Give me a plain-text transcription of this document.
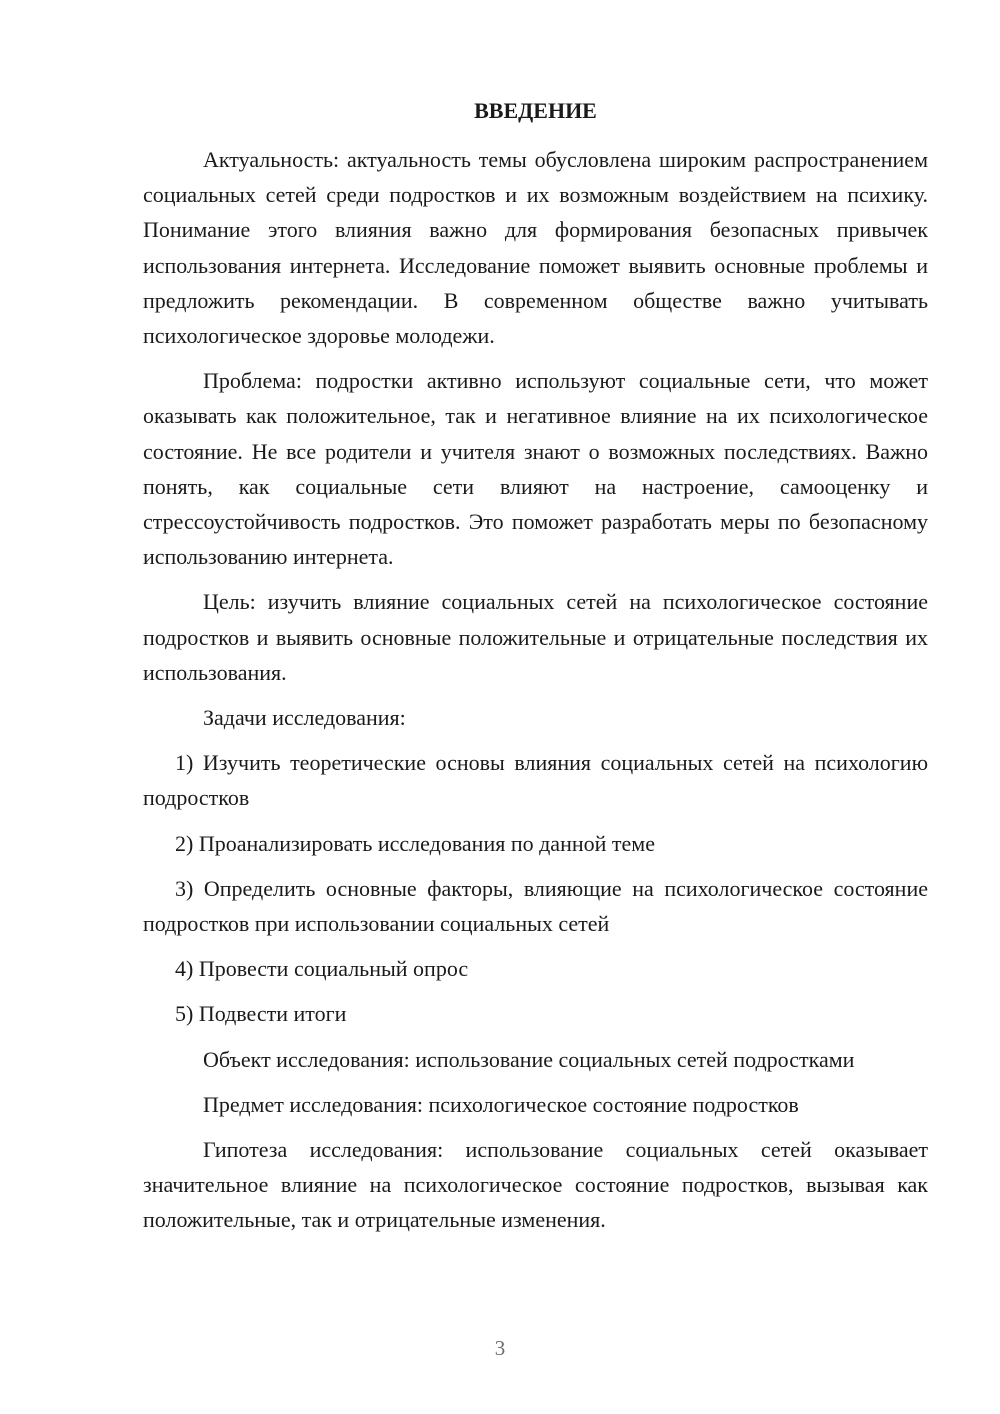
ВВЕДЕНИЕ

Актуальность: актуальность темы обусловлена широким распространением социальных сетей среди подростков и их возможным воздействием на психику. Понимание этого влияния важно для формирования безопасных привычек использования интернета. Исследование поможет выявить основные проблемы и предложить рекомендации. В современном обществе важно учитывать психологическое здоровье молодежи.

Проблема: подростки активно используют социальные сети, что может оказывать как положительное, так и негативное влияние на их психологическое состояние. Не все родители и учителя знают о возможных последствиях. Важно понять, как социальные сети влияют на настроение, самооценку и стрессоустойчивость подростков. Это поможет разработать меры по безопасному использованию интернета.

Цель: изучить влияние социальных сетей на психологическое состояние подростков и выявить основные положительные и отрицательные последствия их использования.

Задачи исследования:

1) Изучить теоретические основы влияния социальных сетей на психологию подростков

2) Проанализировать исследования по данной теме

3) Определить основные факторы, влияющие на психологическое состояние подростков при использовании социальных сетей

4) Провести социальный опрос

5) Подвести итоги

Объект исследования: использование социальных сетей подростками

Предмет исследования: психологическое состояние подростков

Гипотеза исследования: использование социальных сетей оказывает значительное влияние на психологическое состояние подростков, вызывая как положительные, так и отрицательные изменения.

3
